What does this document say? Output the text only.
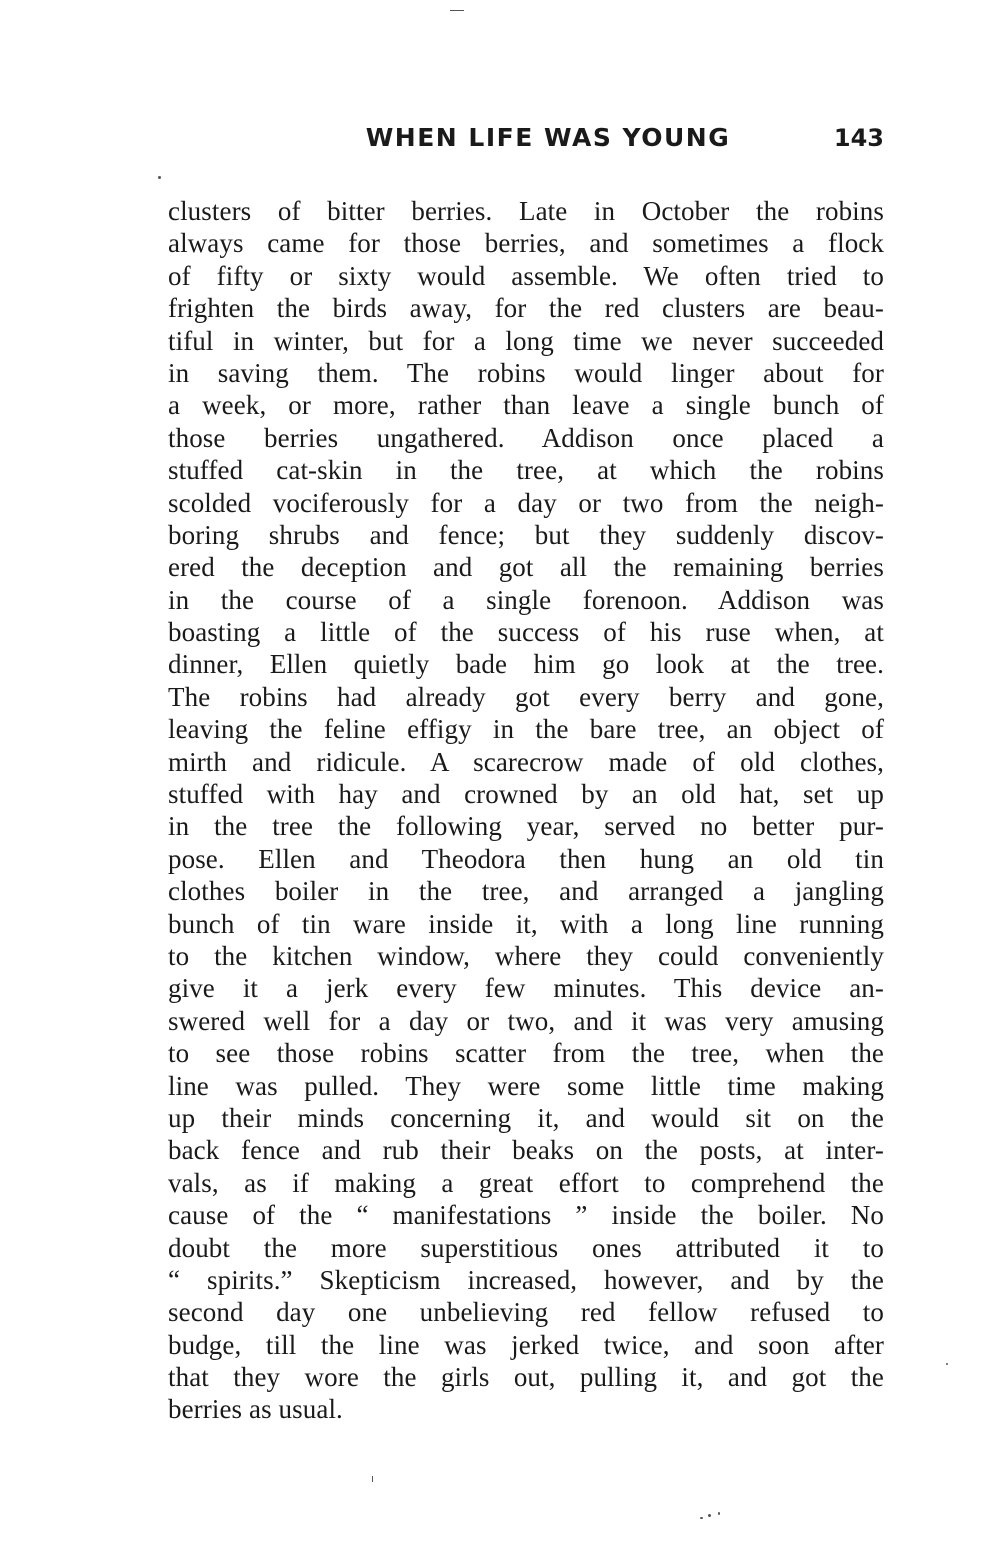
WHEN LIFE WAS YOUNG	143
clusters of bitter berries. Late in October the robins
always came for those berries, and sometimes a flock
of fifty or sixty would assemble. We often tried to
frighten the birds away, for the red clusters are beau-
tiful in winter, but for a long time we never succeeded
in saving them. The robins would linger about for
a week, or more, rather than leave a single bunch of
those berries ungathered. Addison once placed a
stuffed cat-skin in the tree, at which the robins
scolded vociferously for a day or two from the neigh-
boring shrubs and fence; but they suddenly discov-
ered the deception and got all the remaining berries
in the course of a single forenoon. Addison was
boasting a little of the success of his ruse when, at
dinner, Ellen quietly bade him go look at the tree.
The robins had already got every berry and gone,
leaving the feline effigy in the bare tree, an object of
mirth and ridicule. A scarecrow made of old clothes,
stuffed with hay and crowned by an old hat, set up
in the tree the following year, served no better pur-
pose. Ellen and Theodora then hung an old tin
clothes boiler in the tree, and arranged a jangling
bunch of tin ware inside it, with a long line running
to the kitchen window, where they could conveniently
give it a jerk every few minutes. This device an-
swered well for a day or two, and it was very amusing
to see those robins scatter from the tree, when the
line was pulled. They were some little time making
up their minds concerning it, and would sit on the
back fence and rub their beaks on the posts, at inter-
vals, as if making a great effort to comprehend the
cause of the “ manifestations ” inside the boiler. No
doubt the more superstitious ones attributed it to
“ spirits.” Skepticism increased, however, and by the
second day one unbelieving red fellow refused to
budge, till the line was jerked twice, and soon after
that they wore the girls out, pulling it, and got the
berries as usual.
